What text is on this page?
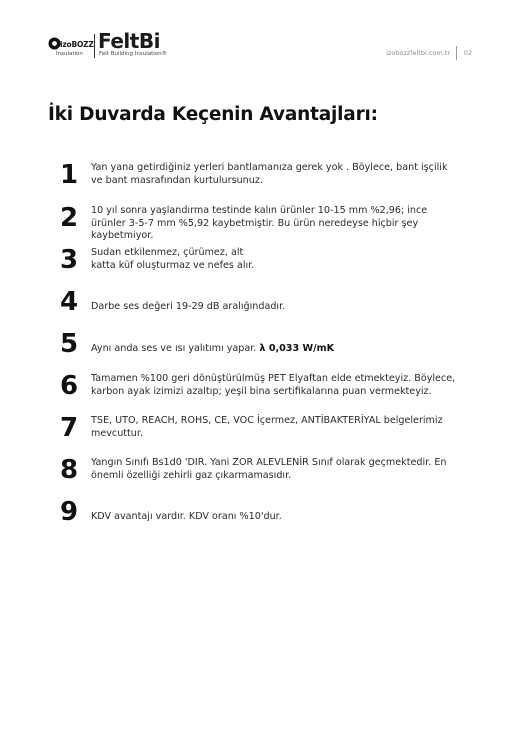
izoBOZZ
Insulation
FeltBi
Felt Building Insulation®	izobozzfeltbi.com.tr 02
İki Duvarda Keçenin Avantajları:
1	Yan yana getirdiğiniz yerleri bantlamanıza gerek yok . Böylece, bant işçilik ve bant masrafından kurtulursunuz.
2	10 yıl sonra yaşlandırma testinde kalın ürünler 10-15 mm %2,96; ince ürünler 3-5-7 mm %5,92 kaybetmiştir. Bu ürün neredeyse hiçbir şey kaybetmiyor.
3	Sudan etkilenmez, çürümez, alt katta küf oluşturmaz ve nefes alır.
4	Darbe ses değeri 19-29 dB aralığındadır.
5	Aynı anda ses ve ısı yalıtımı yapar. λ 0,033 W/mK
6	Tamamen %100 geri dönüştürülmüş PET Elyaftan elde etmekteyiz. Böylece, karbon ayak izimizi azaltıp; yeşil bina sertifikalarına puan vermekteyiz.
7	TSE, UTO, REACH, ROHS, CE, VOC İçermez, ANTİBAKTERİYAL belgelerimiz mevcuttur.
8	Yangın Sınıfı Bs1d0 'DIR. Yani ZOR ALEVLENİR Sınıf olarak geçmektedir. En önemli özelliği zehirli gaz çıkarmamasıdır.
9	KDV avantajı vardır. KDV oranı %10'dur.
